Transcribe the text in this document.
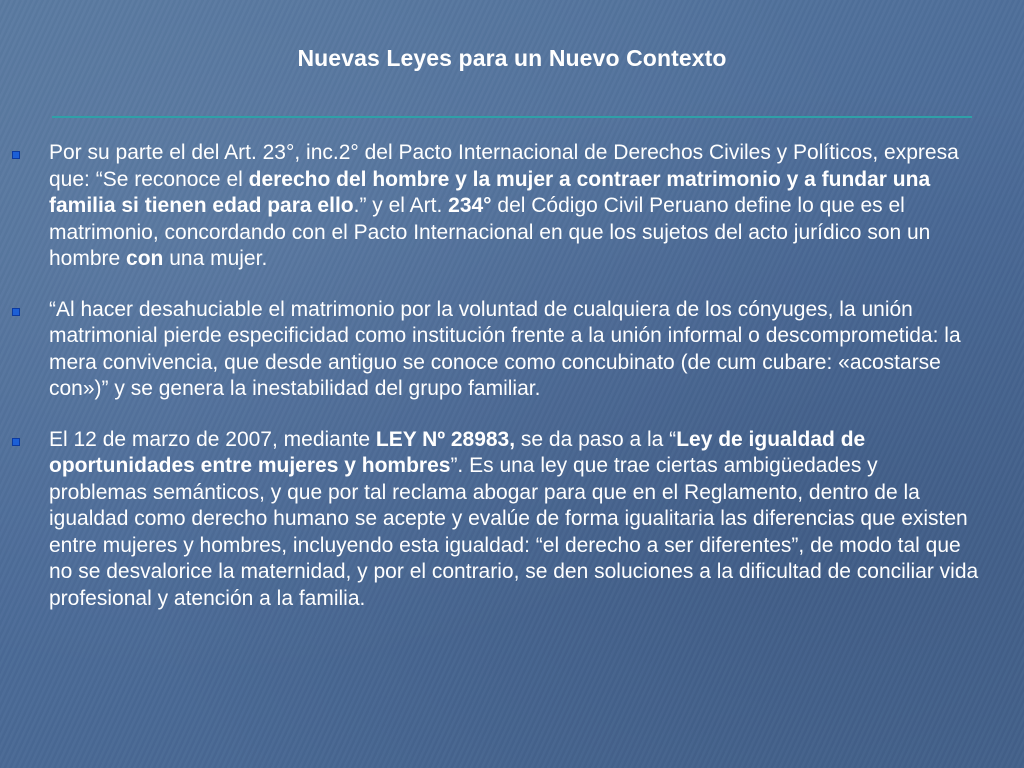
Nuevas Leyes para un Nuevo Contexto
Por su parte el del Art. 23°, inc.2° del Pacto Internacional de Derechos Civiles y Políticos, expresa que: “Se reconoce el derecho del hombre y la mujer a contraer matrimonio y a fundar una familia si tienen edad para ello.” y el Art. 234° del Código Civil Peruano define lo que es el matrimonio, concordando con el Pacto Internacional en que los sujetos del acto jurídico son un hombre con una mujer.
“Al hacer desahuciable el matrimonio por la voluntad de cualquiera de los cónyuges, la unión matrimonial pierde especificidad como institución frente a la unión informal o descomprometida: la mera convivencia, que desde antiguo se conoce como concubinato (de cum cubare: «acostarse con»)” y se genera la inestabilidad del grupo familiar.
El 12 de marzo de 2007, mediante LEY Nº 28983, se da paso a la “Ley de igualdad de oportunidades entre mujeres y hombres”. Es una ley que trae ciertas ambigüedades y problemas semánticos, y que por tal reclama abogar para que en el Reglamento, dentro de la igualdad como derecho humano se acepte y evalúe de forma igualitaria las diferencias que existen entre mujeres y hombres, incluyendo esta igualdad: “el derecho a ser diferentes”, de modo tal que no se desvalorice la maternidad, y por el contrario, se den soluciones a la dificultad de conciliar vida profesional y atención a la familia.
